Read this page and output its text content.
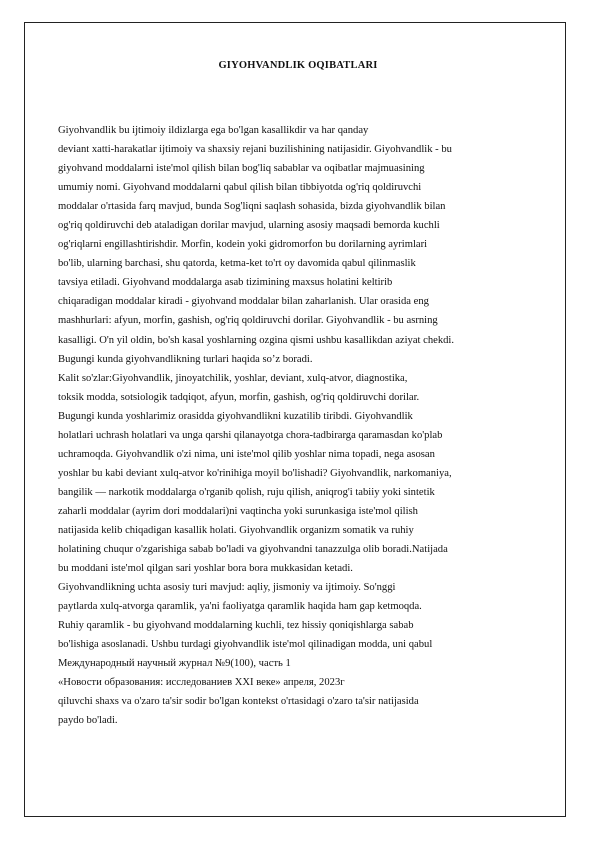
GIYOHVANDLIK OQIBATLARI
Giyohvandlik bu ijtimoiy ildizlarga ega bo'lgan kasallikdir va har qanday
deviant xatti-harakatlar ijtimoiy va shaxsiy rejani buzilishining natijasidir. Giyohvandlik - bu
giyohvand moddalarni iste'mol qilish bilan bog'liq sabablar va oqibatlar majmuasining
umumiy nomi. Giyohvand moddalarni qabul qilish bilan tibbiyotda og'riq qoldiruvchi
moddalar o'rtasida farq mavjud, bunda Sog'liqni saqlash sohasida, bizda giyohvandlik bilan
og'riq qoldiruvchi deb ataladigan dorilar mavjud, ularning asosiy maqsadi bemorda kuchli
og'riqlarni engillashtirishdir. Morfin, kodein yoki gidromorfon bu dorilarning ayrimlari
bo'lib, ularning barchasi, shu qatorda, ketma-ket to'rt oy davomida qabul qilinmaslik
tavsiya etiladi. Giyohvand moddalarga asab tizimining maxsus holatini keltirib
chiqaradigan moddalar kiradi - giyohvand moddalar bilan zaharlanish. Ular orasida eng
mashhurlari: afyun, morfin, gashish, og'riq qoldiruvchi dorilar. Giyohvandlik - bu asrning
kasalligi. O'n yil oldin, bo'sh kasal yoshlarning ozgina qismi ushbu kasallikdan aziyat chekdi.
Bugungi kunda giyohvandlikning turlari haqida so’z boradi.
Kalit so'zlar:Giyohvandlik, jinoyatchilik, yoshlar, deviant, xulq-atvor, diagnostika,
toksik modda, sotsiologik tadqiqot, afyun, morfin, gashish, og'riq qoldiruvchi dorilar.
Bugungi kunda yoshlarimiz orasidda giyohvandlikni kuzatilib tiribdi. Giyohvandlik
holatlari uchrash holatlari va unga qarshi qilanayotga chora-tadbirarga qaramasdan ko'plab
uchramoqda. Giyohvandlik o'zi nima, uni iste'mol qilib yoshlar nima topadi, nega asosan
yoshlar bu kabi deviant xulq-atvor ko'rinihiga moyil bo'lishadi? Giyohvandlik, narkomaniya,
bangilik — narkotik moddalarga o'rganib qolish, ruju qilish, aniqrog'i tabiiy yoki sintetik
zaharli moddalar (ayrim dori moddalari)ni vaqtincha yoki surunkasiga iste'mol qilish
natijasida kelib chiqadigan kasallik holati. Giyohvandlik organizm somatik va ruhiy
holatining chuqur o'zgarishiga sabab bo'ladi va giyohvandni tanazzulga olib boradi.Natijada
bu moddani iste'mol qilgan sari yoshlar bora bora mukkasidan ketadi.
Giyohvandlikning uchta asosiy turi mavjud: aqliy, jismoniy va ijtimoiy. So'nggi
paytlarda xulq-atvorga qaramlik, ya'ni faoliyatga qaramlik haqida ham gap ketmoqda.
Ruhiy qaramlik - bu giyohvand moddalarning kuchli, tez hissiy qoniqishlarga sabab
bo'lishiga asoslanadi. Ushbu turdagi giyohvandlik iste'mol qilinadigan modda, uni qabul
Международный научный журнал №9(100), часть 1
«Новости образования: исследованиев XXI веке» апреля, 2023г
qiluvchi shaxs va o'zaro ta'sir sodir bo'lgan kontekst o'rtasidagi o'zaro ta'sir natijasida
paydo bo'ladi.
